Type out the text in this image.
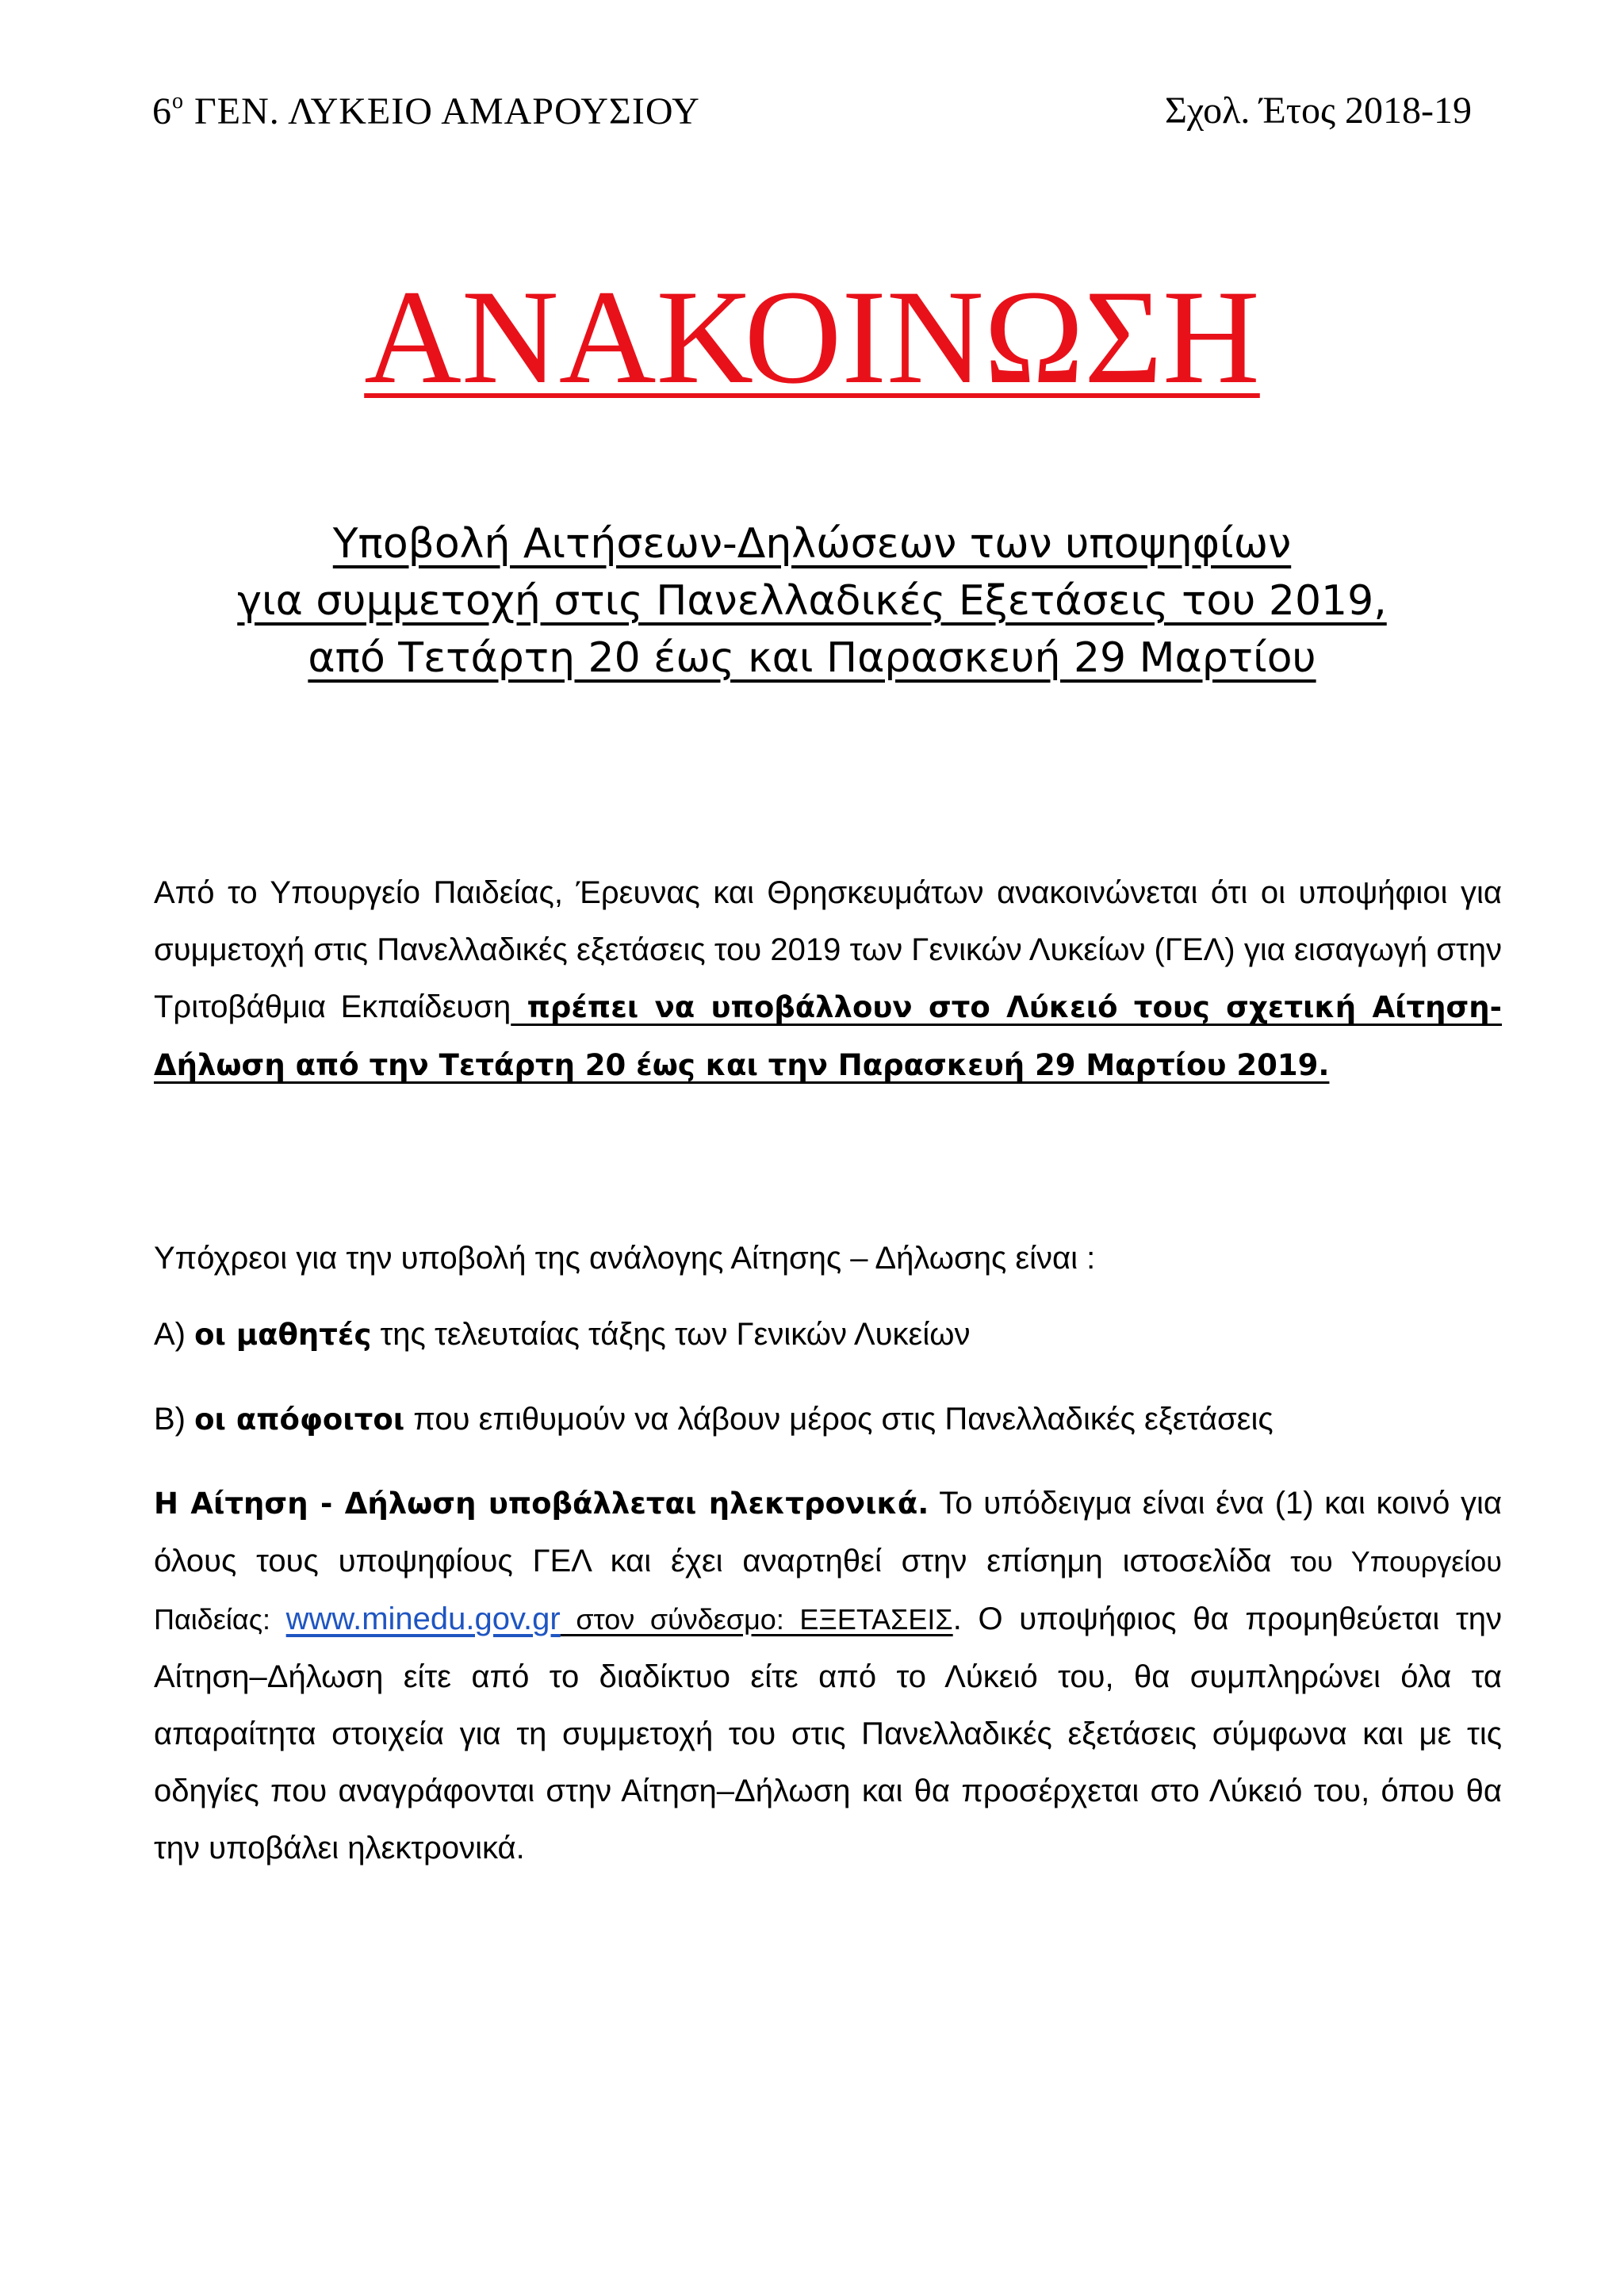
$6^o$ ΓΕΝ. ΛΥΚΕΙΟ ΑΜΑΡΟΥΣΙΟΥ	Σχολ. Έτος 2018-19
ΑΝΑΚΟΙΝΩΣΗ
Υποβολή Αιτήσεων-Δηλώσεων των υποψηφίων
για συμμετοχή στις Πανελλαδικές Εξετάσεις του 2019,
από Τετάρτη 20 έως και Παρασκευή 29 Μαρτίου
Από το Υπουργείο Παιδείας, Έρευνας και Θρησκευμάτων ανακοινώνεται ότι οι υποψήφιοι για συμμετοχή στις Πανελλαδικές εξετάσεις του 2019 των Γενικών Λυκείων (ΓΕΛ) για εισαγωγή στην Τριτοβάθμια Εκπαίδευση πρέπει να υποβάλλουν στο Λύκειό τους σχετική Αίτηση-Δήλωση από την Τετάρτη 20 έως και την Παρασκευή 29 Μαρτίου 2019.
Υπόχρεοι για την υποβολή της ανάλογης Αίτησης – Δήλωσης είναι :
Α) οι μαθητές της τελευταίας τάξης των Γενικών Λυκείων
Β) οι απόφοιτοι που επιθυμούν να λάβουν μέρος στις Πανελλαδικές εξετάσεις
Η Αίτηση - Δήλωση υποβάλλεται ηλεκτρονικά. Το υπόδειγμα είναι ένα (1) και κοινό για όλους τους υποψηφίους ΓΕΛ και έχει αναρτηθεί στην επίσημη ιστοσελίδα του Υπουργείου Παιδείας: www.minedu.gov.gr στον σύνδεσμο: ΕΞΕΤΑΣΕΙΣ. Ο υποψήφιος θα προμηθεύεται την Αίτηση–Δήλωση είτε από το διαδίκτυο είτε από το Λύκειό του, θα συμπληρώνει όλα τα απαραίτητα στοιχεία για τη συμμετοχή του στις Πανελλαδικές εξετάσεις σύμφωνα και με τις οδηγίες που αναγράφονται στην Αίτηση–Δήλωση και θα προσέρχεται στο Λύκειό του, όπου θα την υποβάλει ηλεκτρονικά.
